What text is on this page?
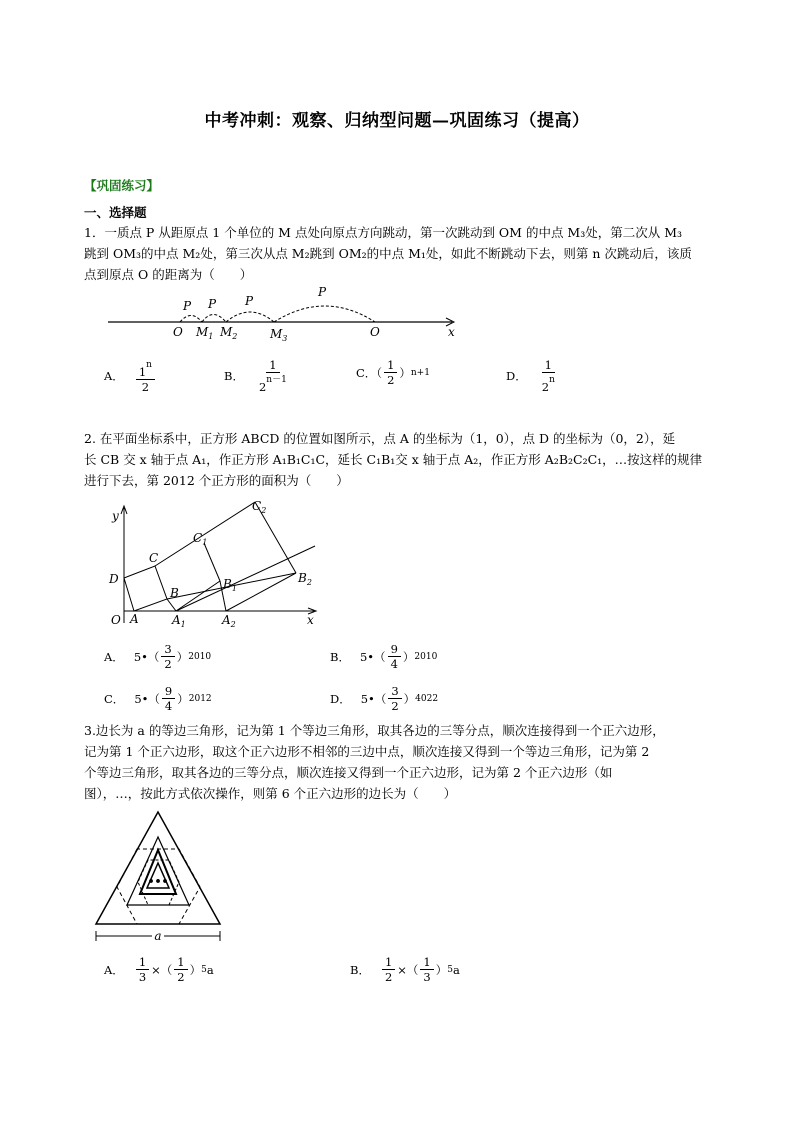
中考冲刺：观察、归纳型问题—巩固练习（提高）
【巩固练习】
一、选择题
1．一质点 P 从距原点 1 个单位的 M 点处向原点方向跳动，第一次跳动到 OM 的中点 M₃处，第二次从 M₃
跳到 OM₃的中点 M₂处，第三次从点 M₂跳到 OM₂的中点 M₁处，如此不断跳动下去，则第 n 次跳动后，该质
点到原点 O 的距离为（　　）
P P P
P
O $M_1$ $M_2$	$M_3$	O	x
A． $\frac{1^n}{2}$	B． $\frac{1}{2^{n-1}}$	C．（ $\frac{1}{2}$ ） n+1	D． $\frac{1}{2^n}$
2. 在平面坐标系中，正方形 ABCD 的位置如图所示，点 A 的坐标为（1，0），点 D 的坐标为（0，2），延
长 CB 交 x 轴于点 A₁，作正方形 A₁B₁C₁C，延长 C₁B₁交 x 轴于点 A₂，作正方形 A₂B₂C₂C₁，…按这样的规律
进行下去，第 2012 个正方形的面积为（　　）
y
x
O A
B
C
D
$A_1$
$B_1$
$C_1$
$A_2$
$B_2$
$C_2$
A． 5•（ $\frac{3}{2}$ ） 2010	B． 5•（ $\frac{9}{4}$ ） 2010
C． 5•（ $\frac{9}{4}$ ） 2012	D． 5•（ $\frac{3}{2}$ ） 4022
3.边长为 a 的等边三角形，记为第 1 个等边三角形，取其各边的三等分点，顺次连接得到一个正六边形，
记为第 1 个正六边形，取这个正六边形不相邻的三边中点，顺次连接又得到一个等边三角形，记为第 2
个等边三角形，取其各边的三等分点，顺次连接又得到一个正六边形，记为第 2 个正六边形（如
图），…，按此方式依次操作，则第 6 个正六边形的边长为（　　）
•••
a
A． $\frac{1}{3}$ ×（ $\frac{1}{2}$ ） 5 a	B． $\frac{1}{2}$ ×（ $\frac{1}{3}$ ） 5 a
